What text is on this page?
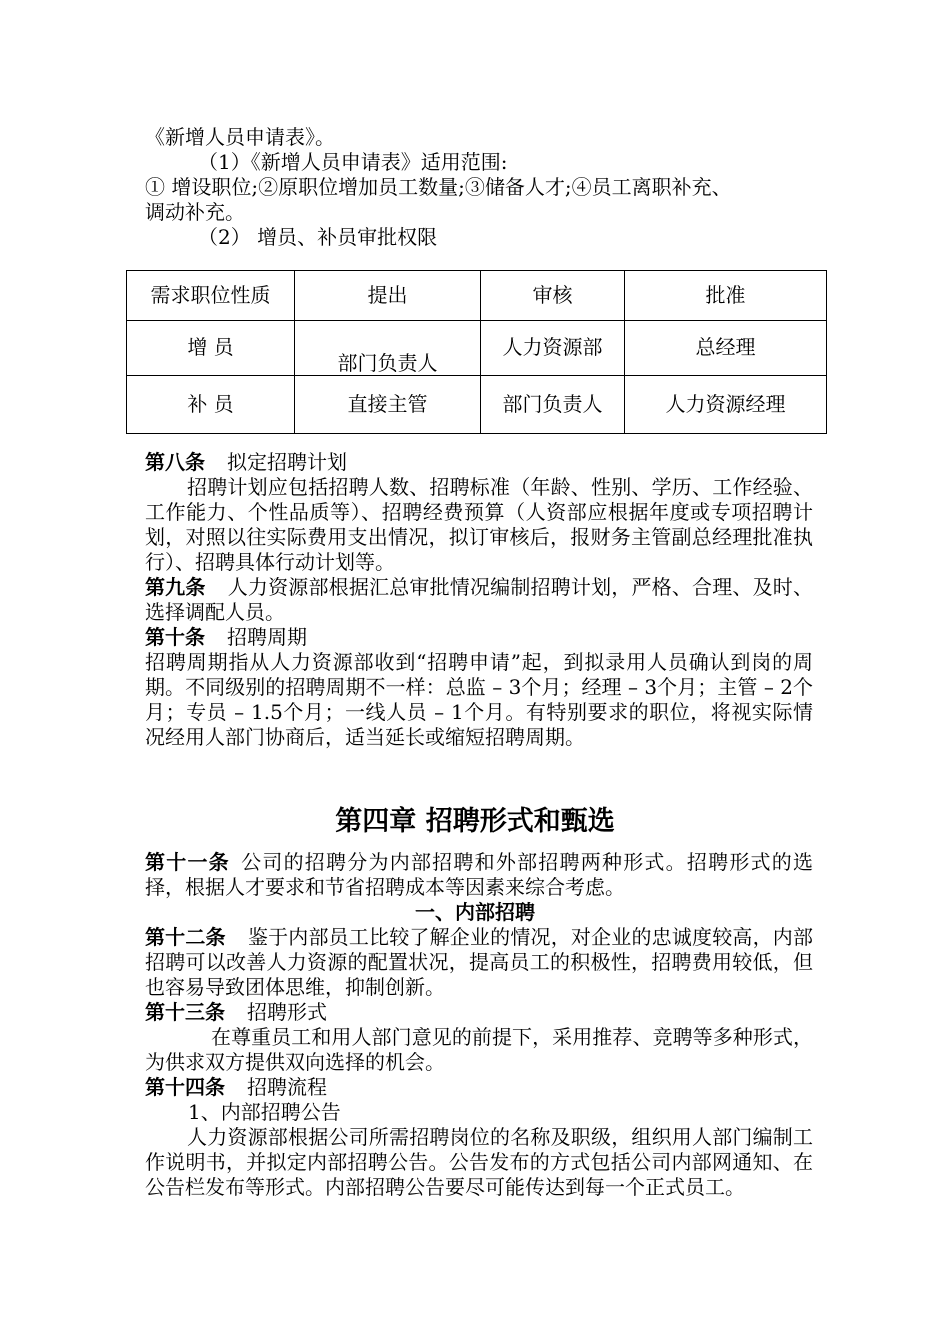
《新增人员申请表》。
（1）《新增人员申请表》适用范围:
① 增设职位;②原职位增加员工数量;③储备人才;④员工离职补充、
调动补充。
（2） 增员、补员审批权限
需求职位性质	提出	审核	批准
增 员	部门负责人	人力资源部	总经理
补 员	直接主管	部门负责人	人力资源经理
第八条 拟定招聘计划
招聘计划应包括招聘人数、招聘标准（年龄、性别、学历、工作经验、工作能力、个性品质等）、招聘经费预算（人资部应根据年度或专项招聘计划，对照以往实际费用支出情况，拟订审核后，报财务主管副总经理批准执行）、招聘具体行动计划等。
第九条 人力资源部根据汇总审批情况编制招聘计划，严格、合理、及时、选择调配人员。
第十条 招聘周期
招聘周期指从人力资源部收到“招聘申请”起，到拟录用人员确认到岗的周期。不同级别的招聘周期不一样：总监 – 3个月；经理 – 3个月；主管 – 2个月；专员 – 1.5个月；一线人员 – 1个月。有特别要求的职位，将视实际情况经用人部门协商后，适当延长或缩短招聘周期。
第四章 招聘形式和甄选
第十一条 公司的招聘分为内部招聘和外部招聘两种形式。招聘形式的选择，根据人才要求和节省招聘成本等因素来综合考虑。
一、内部招聘
第十二条 鉴于内部员工比较了解企业的情况，对企业的忠诚度较高，内部招聘可以改善人力资源的配置状况，提高员工的积极性，招聘费用较低，但也容易导致团体思维，抑制创新。
第十三条 招聘形式
在尊重员工和用人部门意见的前提下，采用推荐、竞聘等多种形式，为供求双方提供双向选择的机会。
第十四条 招聘流程
1、内部招聘公告
人力资源部根据公司所需招聘岗位的名称及职级，组织用人部门编制工作说明书，并拟定内部招聘公告。公告发布的方式包括公司内部网通知、在公告栏发布等形式。内部招聘公告要尽可能传达到每一个正式员工。
